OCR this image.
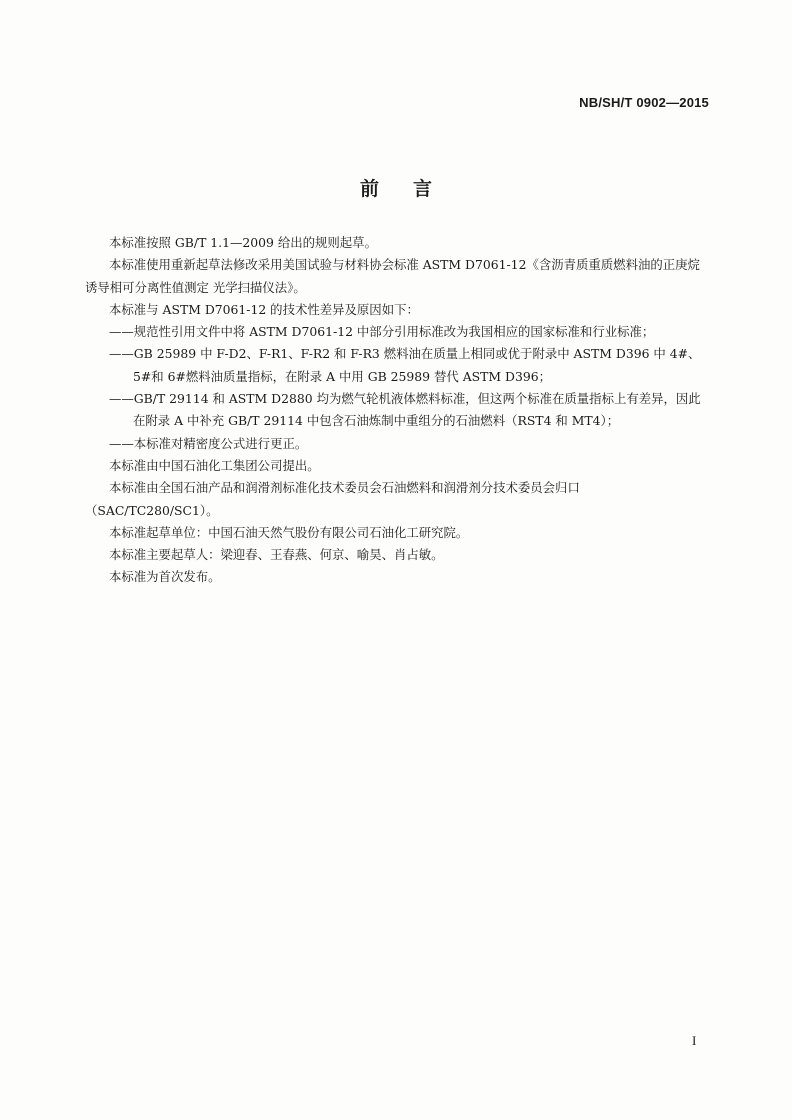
NB/SH/T 0902—2015
前言

本标准按照 GB/T 1.1—2009 给出的规则起草。

本标准使用重新起草法修改采用美国试验与材料协会标准 ASTM D7061-12《含沥青质重质燃料油的正庚烷诱导相可分离性值测定 光学扫描仪法》。

本标准与 ASTM D7061-12 的技术性差异及原因如下：

——规范性引用文件中将 ASTM D7061-12 中部分引用标准改为我国相应的国家标准和行业标准；

——GB 25989 中 F-D2、F-R1、F-R2 和 F-R3 燃料油在质量上相同或优于附录中 ASTM D396 中 4#、5#和 6#燃料油质量指标，在附录 A 中用 GB 25989 替代 ASTM D396；

——GB/T 29114 和 ASTM D2880 均为燃气轮机液体燃料标准，但这两个标准在质量指标上有差异，因此在附录 A 中补充 GB/T 29114 中包含石油炼制中重组分的石油燃料（RST4 和 MT4）；

——本标准对精密度公式进行更正。

本标准由中国石油化工集团公司提出。

本标准由全国石油产品和润滑剂标准化技术委员会石油燃料和润滑剂分技术委员会归口（SAC/TC280/SC1）。

本标准起草单位：中国石油天然气股份有限公司石油化工研究院。

本标准主要起草人：梁迎春、王春燕、何京、喻昊、肖占敏。

本标准为首次发布。

I
